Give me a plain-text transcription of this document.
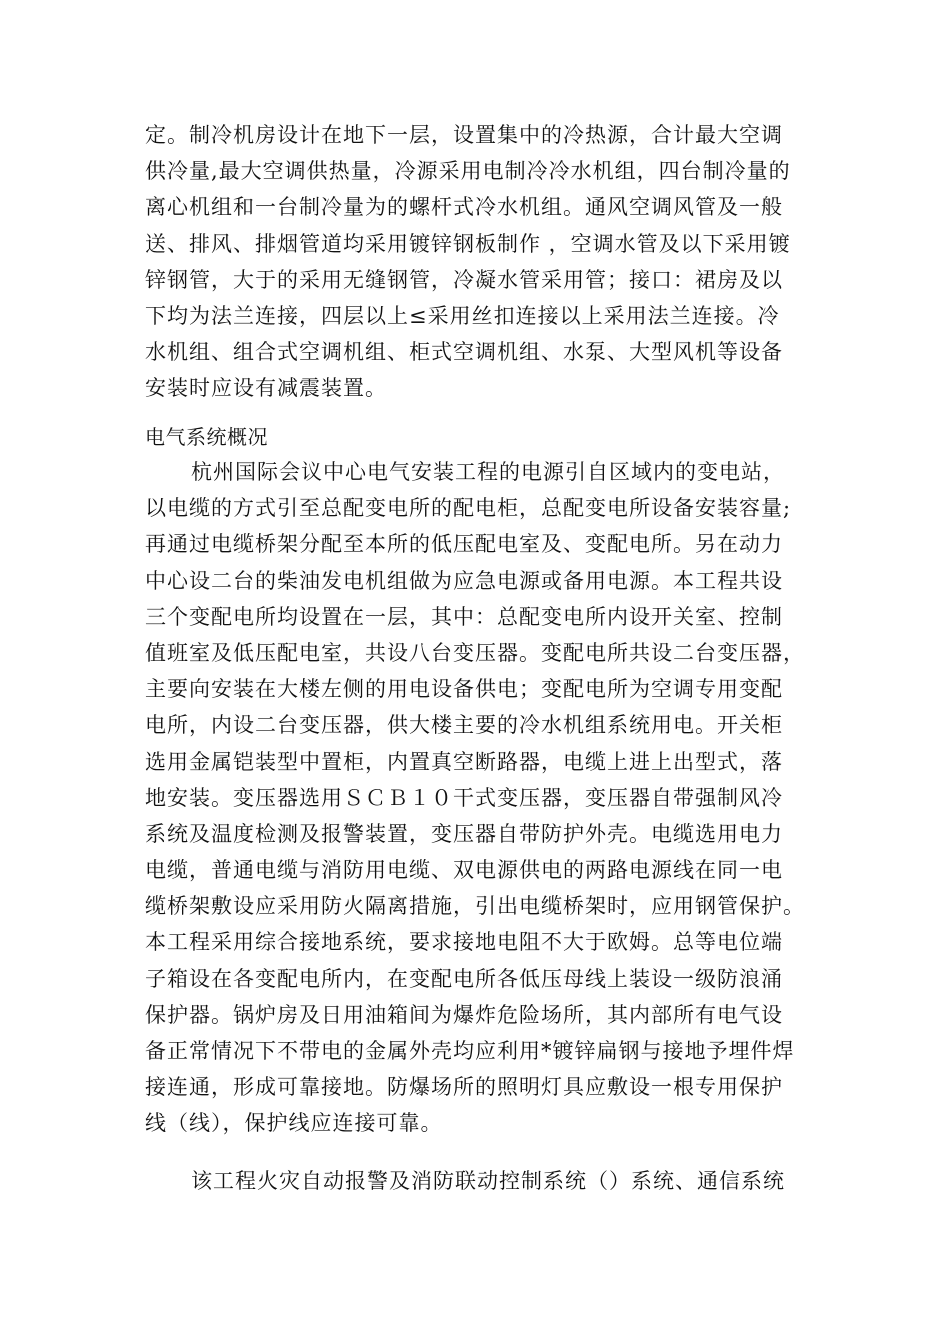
定。制冷机房设计在地下一层，设置集中的冷热源，合计最大空调
供冷量,最大空调供热量，冷源采用电制冷冷水机组，四台制冷量的
离心机组和一台制冷量为的螺杆式冷水机组。通风空调风管及一般
送、排风、排烟管道均采用镀锌钢板制作 ，空调水管及以下采用镀
锌钢管，大于的采用无缝钢管，冷凝水管采用管；接口：裙房及以
下均为法兰连接，四层以上≤采用丝扣连接以上采用法兰连接。冷
水机组、组合式空调机组、柜式空调机组、水泵、大型风机等设备
安装时应设有减震装置。
电气系统概况
杭州国际会议中心电气安装工程的电源引自区域内的变电站，
以电缆的方式引至总配变电所的配电柜，总配变电所设备安装容量;
再通过电缆桥架分配至本所的低压配电室及、变配电所。另在动力
中心设二台的柴油发电机组做为应急电源或备用电源。本工程共设
三个变配电所均设置在一层，其中：总配变电所内设开关室、控制
值班室及低压配电室，共设八台变压器。变配电所共设二台变压器，
主要向安装在大楼左侧的用电设备供电；变配电所为空调专用变配
电所，内设二台变压器，供大楼主要的冷水机组系统用电。开关柜
选用金属铠装型中置柜，内置真空断路器，电缆上进上出型式，落
地安装。变压器选用ＳＣＢ１０干式变压器，变压器自带强制风冷
系统及温度检测及报警装置，变压器自带防护外壳。电缆选用电力
电缆，普通电缆与消防用电缆、双电源供电的两路电源线在同一电
缆桥架敷设应采用防火隔离措施，引出电缆桥架时，应用钢管保护。
本工程采用综合接地系统，要求接地电阻不大于欧姆。总等电位端
子箱设在各变配电所内，在变配电所各低压母线上装设一级防浪涌
保护器。锅炉房及日用油箱间为爆炸危险场所，其内部所有电气设
备正常情况下不带电的金属外壳均应利用*镀锌扁钢与接地予埋件焊
接连通，形成可靠接地。防爆场所的照明灯具应敷设一根专用保护
线（线），保护线应连接可靠。
该工程火灾自动报警及消防联动控制系统（）系统、通信系统
